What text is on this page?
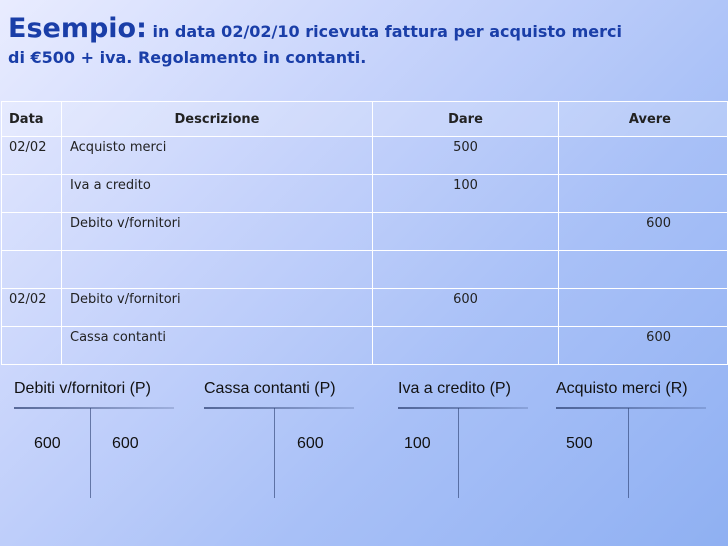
Esempio: in data 02/02/10 ricevuta fattura per acquisto merci
di €500 + iva. Regolamento in contanti.
Data	Descrizione	Dare	Avere
02/02	Acquisto merci	500	
	Iva a credito	100	
	Debito v/fornitori		600

02/02	Debito v/fornitori	600	
	Cassa contanti		600
Debiti v/fornitori (P)
600	600
Cassa contanti (P)
600
Iva a credito (P)
100
Acquisto merci (R)
500
